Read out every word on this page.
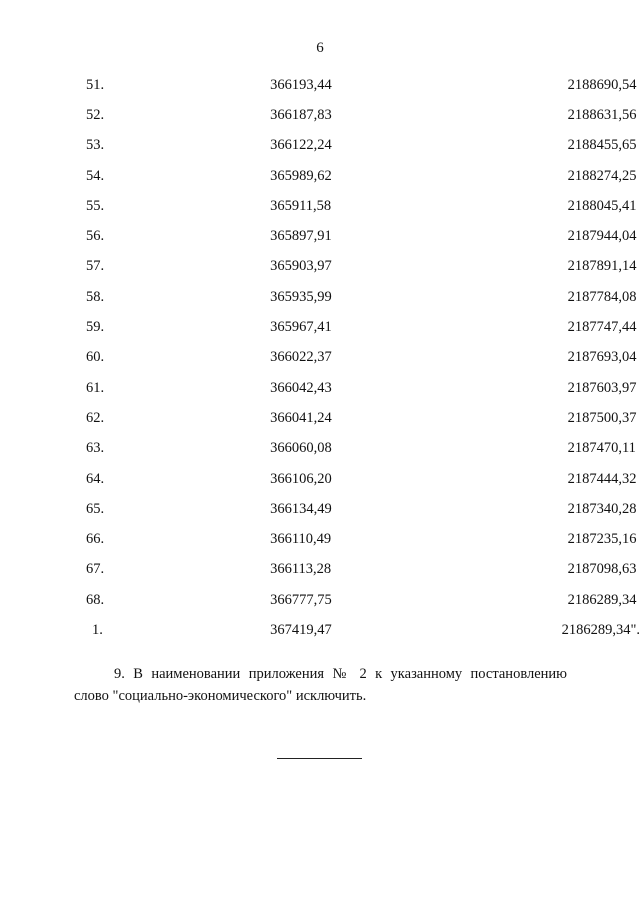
6
51.	366193,44	2188690,54
52.	366187,83	2188631,56
53.	366122,24	2188455,65
54.	365989,62	2188274,25
55.	365911,58	2188045,41
56.	365897,91	2187944,04
57.	365903,97	2187891,14
58.	365935,99	2187784,08
59.	365967,41	2187747,44
60.	366022,37	2187693,04
61.	366042,43	2187603,97
62.	366041,24	2187500,37
63.	366060,08	2187470,11
64.	366106,20	2187444,32
65.	366134,49	2187340,28
66.	366110,49	2187235,16
67.	366113,28	2187098,63
68.	366777,75	2186289,34
1.	367419,47	2186289,34".
9. В наименовании приложения № 2 к указанному постановлению
слово "социально-экономического" исключить.
